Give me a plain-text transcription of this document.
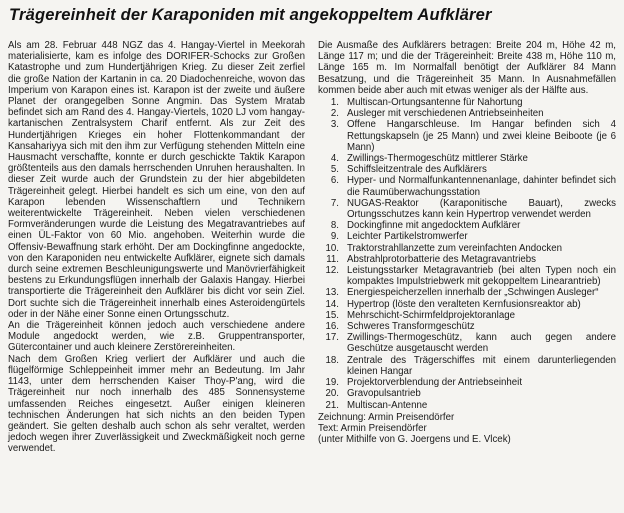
Trägereinheit der Karaponiden mit angekoppeltem Aufklärer

Als am 28. Februar 448 NGZ das 4. Hangay-Viertel in Meekorah materialisierte, kam es infolge des DORIFER-Schocks zur Großen Katastrophe und zum Hundertjährigen Krieg. Zu dieser Zeit zerfiel die große Nation der Kartanin in ca. 20 Diadochenreiche, wovon das Imperium von Karapon eines ist. Karapon ist der zweite und äußere Planet der orangegelben Sonne Angmin. Das System Mratab befindet sich am Rand des 4. Hangay-Viertels, 1020 LJ vom hangay-kartanischen Zentralsystem Charif entfernt. Als zur Zeit des Hundertjährigen Krieges ein hoher Flottenkommandant der Kansahariyya sich mit den ihm zur Verfügung stehenden Mitteln eine Hausmacht verschaffte, konnte er durch geschickte Taktik Karapon größtenteils aus den damals herrschenden Unruhen heraushalten. In dieser Zeit wurde auch der Grundstein zu der hier abgebildeten Trägereinheit gelegt. Hierbei handelt es sich um eine, von den auf Karapon lebenden Wissenschaftlern und Technikern weiterentwickelte Trägereinheit. Neben vielen verschiedenen Formveränderungen wurde die Leistung des Megatravantriebes auf einen ÜL-Faktor von 60 Mio. angehoben. Weiterhin wurde die Offensiv-Bewaffnung stark erhöht. Der am Dockingfinne angedockte, von den Karaponiden neu entwickelte Aufklärer, eignete sich damals durch seine extremen Beschleunigungswerte und Manövrierfähigkeit bestens zu Erkundungsflügen innerhalb der Galaxis Hangay. Hierbei transportierte die Trägereinheit den Aufklärer bis dicht vor sein Ziel. Dort suchte sich die Trägereinheit innerhalb eines Asteroidengürtels oder in der Nähe einer Sonne einen Ortungsschutz.

An die Trägereinheit können jedoch auch verschiedene andere Module angedockt werden, wie z.B. Gruppentransporter, Gütercontainer und auch kleinere Zerstörereinheiten.

Nach dem Großen Krieg verliert der Aufklärer und auch die flügelförmige Schleppeinheit immer mehr an Bedeutung. Im Jahr 1143, unter dem herrschenden Kaiser Thoy-P'ang, wird die Trägereinheit nur noch innerhalb des 485 Sonnensysteme umfassenden Reiches eingesetzt. Außer einigen kleineren technischen Änderungen hat sich nichts an den beiden Typen geändert. Sie gelten deshalb auch schon als sehr veraltet, werden jedoch wegen ihrer Zuverlässigkeit und Zweckmäßigkeit noch gerne verwendet.

Die Ausmaße des Aufklärers betragen: Breite 204 m, Höhe 42 m, Länge 117 m; und die der Trägereinheit: Breite 438 m, Höhe 110 m, Länge 165 m. Im Normalfall benötigt der Aufklärer 84 Mann Besatzung, und die Trägereinheit 35 Mann. In Ausnahmefällen kommen beide aber auch mit etwas weniger als der Hälfte aus.

1. Multiscan-Ortungsantenne für Nahortung
2. Ausleger mit verschiedenen Antriebseinheiten
3. Offene Hangarschleuse. Im Hangar befinden sich 4 Rettungskapseln (je 25 Mann) und zwei kleine Beiboote (je 6 Mann)
4. Zwillings-Thermogeschütz mittlerer Stärke
5. Schiffsleitzentrale des Aufklärers
6. Hyper- und Normalfunkantennenanlage, dahinter befindet sich die Raumüberwachungsstation
7. NUGAS-Reaktor (Karaponitische Bauart), zwecks Ortungsschutzes kann kein Hypertrop verwendet werden
8. Dockingfinne mit angedocktem Aufklärer
9. Leichter Partikelstromwerfer
10. Traktorstrahllanzette zum vereinfachten Andocken
11. Abstrahlprotorbatterie des Metagravantriebs
12. Leistungsstarker Metagravantrieb (bei alten Typen noch ein kompaktes Impulstriebwerk mit gekoppeltem Linearantrieb)
13. Energiespeicherzellen innerhalb der „Schwingen Ausleger“
14. Hypertrop (löste den veralteten Kernfusionsreaktor ab)
15. Mehrschicht-Schirmfeldprojektoranlage
16. Schweres Transformgeschütz
17. Zwillings-Thermogeschütz, kann auch gegen andere Geschütze ausgetauscht werden
18. Zentrale des Trägerschiffes mit einem darunterliegenden kleinen Hangar
19. Projektorverblendung der Antriebseinheit
20. Gravopulsantrieb
21. Multiscan-Antenne
Zeichnung: Armin Preisendörfer
Text: Armin Preisendörfer
(unter Mithilfe von G. Joergens und E. Vlcek)
